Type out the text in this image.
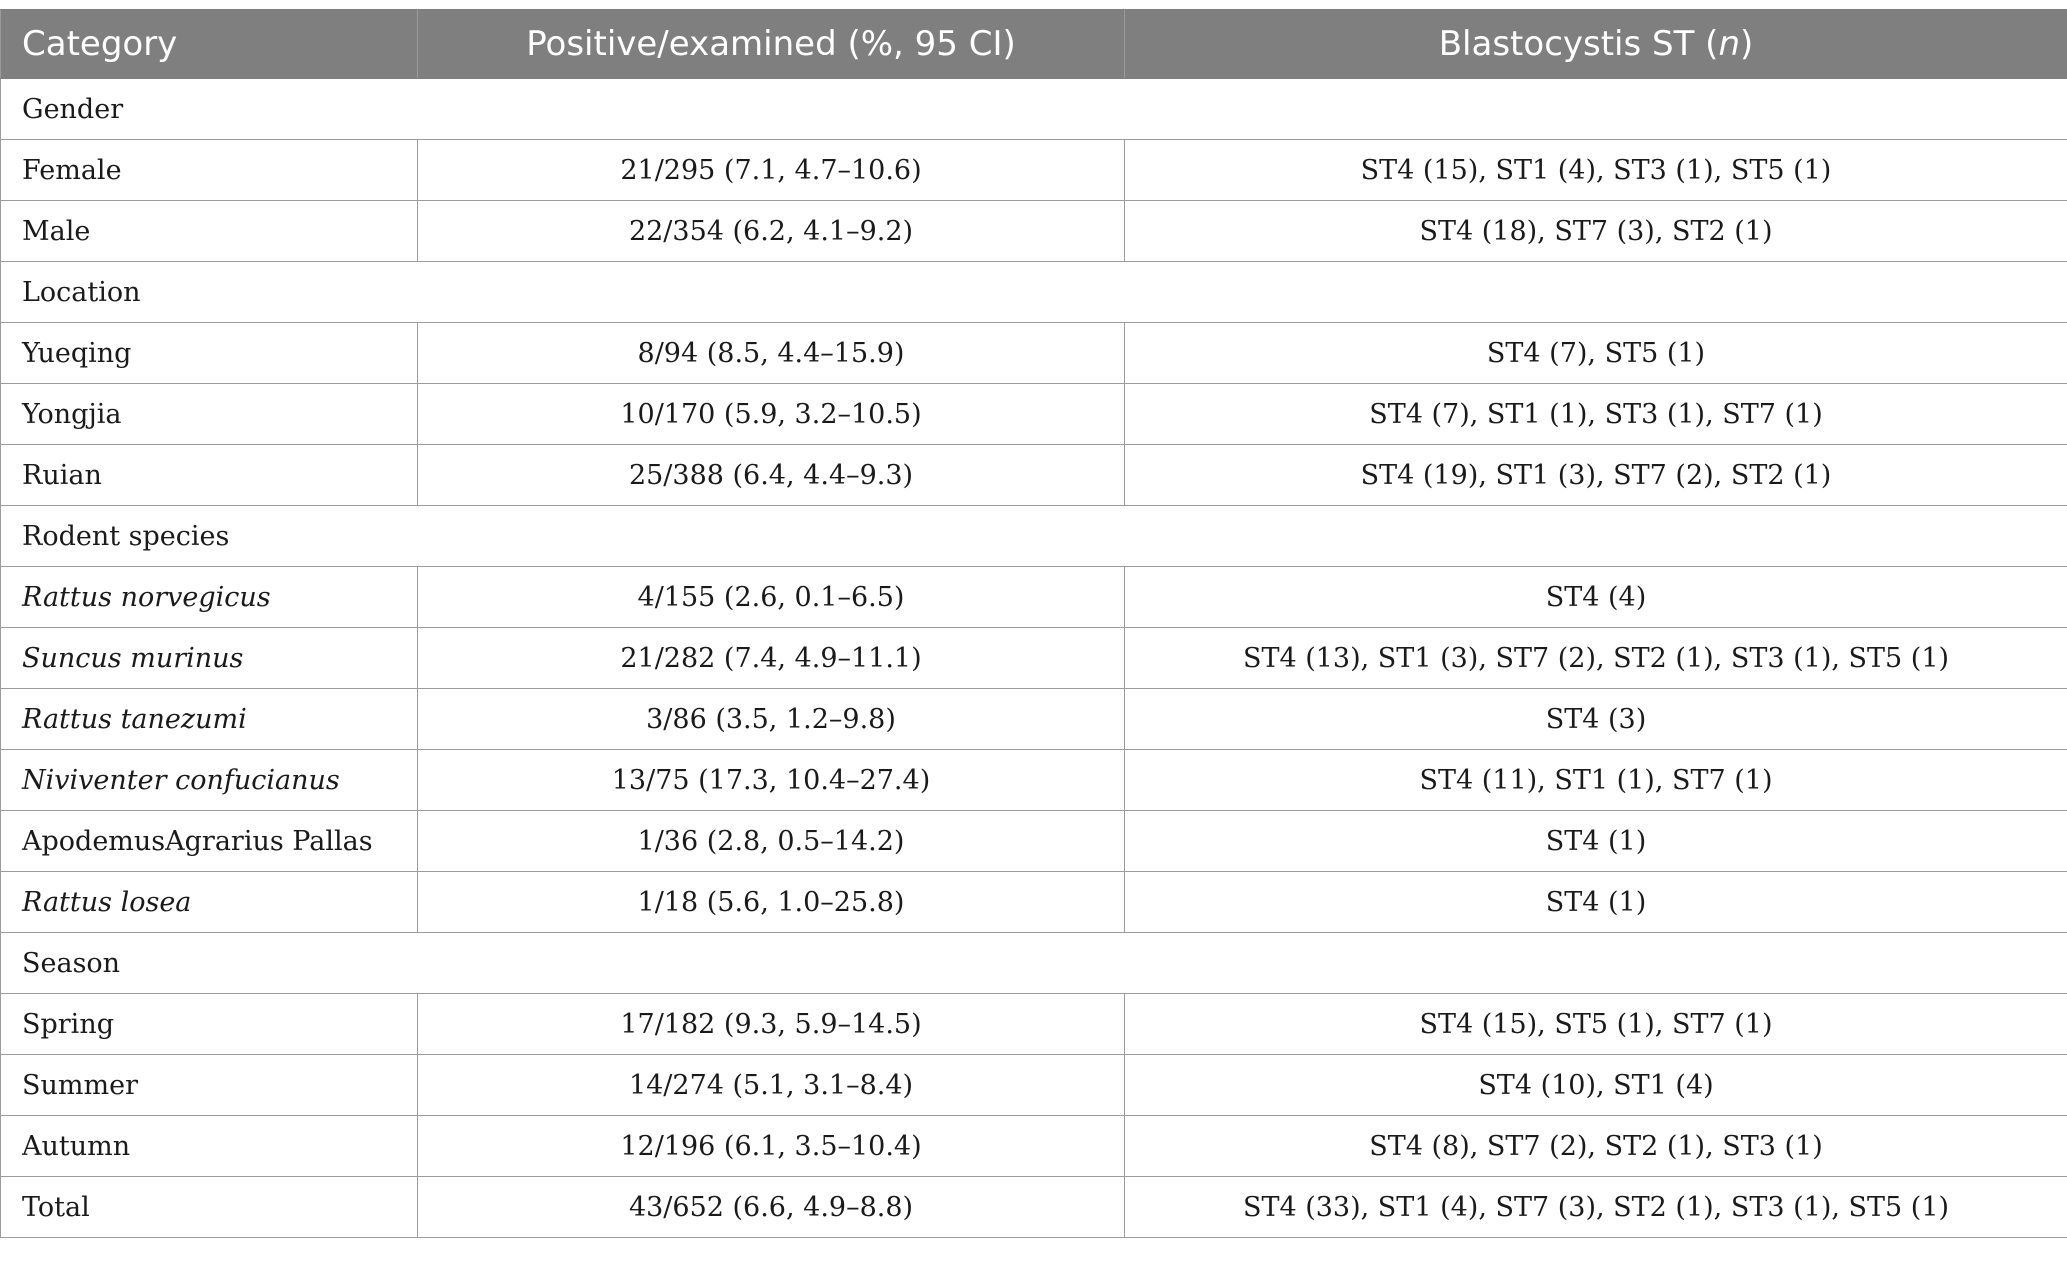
Category	Positive/examined (%, 95 CI)	Blastocystis ST (n)
Gender		
Female	21/295 (7.1, 4.7–10.6)	ST4 (15), ST1 (4), ST3 (1), ST5 (1)
Male	22/354 (6.2, 4.1–9.2)	ST4 (18), ST7 (3), ST2 (1)
Location		
Yueqing	8/94 (8.5, 4.4–15.9)	ST4 (7), ST5 (1)
Yongjia	10/170 (5.9, 3.2–10.5)	ST4 (7), ST1 (1), ST3 (1), ST7 (1)
Ruian	25/388 (6.4, 4.4–9.3)	ST4 (19), ST1 (3), ST7 (2), ST2 (1)
Rodent species		
Rattus norvegicus	4/155 (2.6, 0.1–6.5)	ST4 (4)
Suncus murinus	21/282 (7.4, 4.9–11.1)	ST4 (13), ST1 (3), ST7 (2), ST2 (1), ST3 (1), ST5 (1)
Rattus tanezumi	3/86 (3.5, 1.2–9.8)	ST4 (3)
Niviventer confucianus	13/75 (17.3, 10.4–27.4)	ST4 (11), ST1 (1), ST7 (1)
ApodemusAgrarius Pallas	1/36 (2.8, 0.5–14.2)	ST4 (1)
Rattus losea	1/18 (5.6, 1.0–25.8)	ST4 (1)
Season		
Spring	17/182 (9.3, 5.9–14.5)	ST4 (15), ST5 (1), ST7 (1)
Summer	14/274 (5.1, 3.1–8.4)	ST4 (10), ST1 (4)
Autumn	12/196 (6.1, 3.5–10.4)	ST4 (8), ST7 (2), ST2 (1), ST3 (1)
Total	43/652 (6.6, 4.9–8.8)	ST4 (33), ST1 (4), ST7 (3), ST2 (1), ST3 (1), ST5 (1)
